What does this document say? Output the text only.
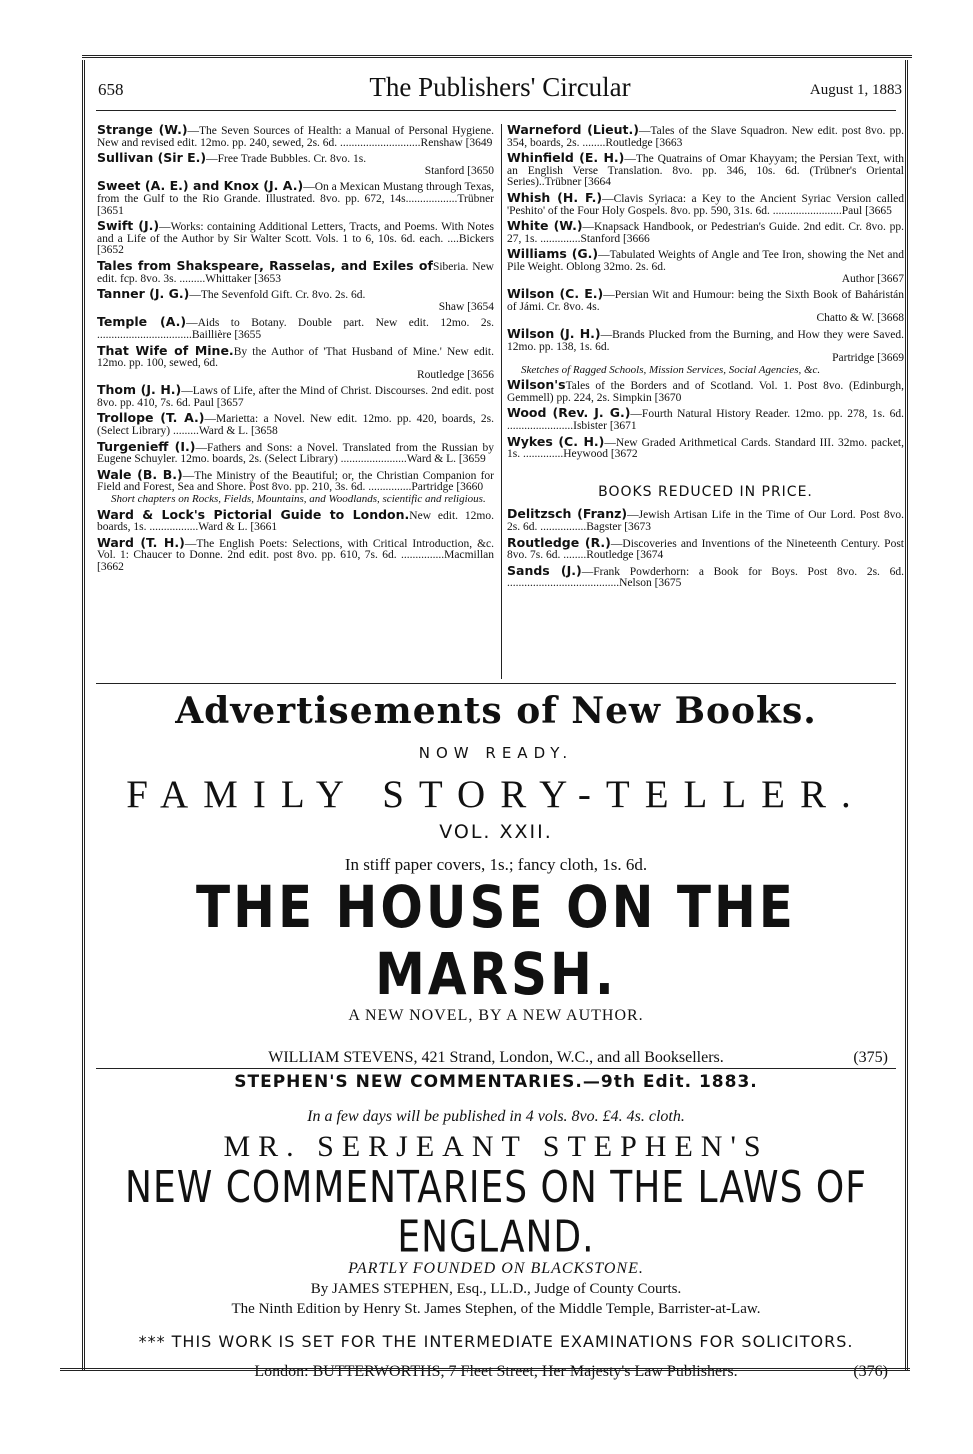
658	The Publishers' Circular	August 1, 1883
Strange (W.)—The Seven Sources of Health: a Manual of Personal Hygiene. New and revised edit. 12mo. pp. 240, sewed, 2s. 6d. ............................Renshaw [3649
Sullivan (Sir E.)—Free Trade Bubbles. Cr. 8vo. 1s.
Stanford [3650
Sweet (A. E.) and Knox (J. A.)—On a Mexican Mustang through Texas, from the Gulf to the Rio Grande. Illustrated. 8vo. pp. 672, 14s..................Trübner [3651
Swift (J.)—Works: containing Additional Letters, Tracts, and Poems. With Notes and a Life of the Author by Sir Walter Scott. Vols. 1 to 6, 10s. 6d. each. ....Bickers [3652
Tales from Shakspeare, Rasselas, and Exiles ofSiberia. New edit. fcp. 8vo. 3s. .........Whittaker [3653
Tanner (J. G.)—The Sevenfold Gift. Cr. 8vo. 2s. 6d.
Shaw [3654
Temple (A.)—Aids to Botany. Double part. New edit. 12mo. 2s. .................................Baillière [3655
That Wife of Mine.By the Author of 'That Husband of Mine.' New edit. 12mo. pp. 100, sewed, 6d.
Routledge [3656
Thom (J. H.)—Laws of Life, after the Mind of Christ. Discourses. 2nd edit. post 8vo. pp. 410, 7s. 6d. Paul [3657
Trollope (T. A.)—Marietta: a Novel. New edit. 12mo. pp. 420, boards, 2s. (Select Library) .........Ward & L. [3658
Turgenieff (I.)—Fathers and Sons: a Novel. Translated from the Russian by Eugene Schuyler. 12mo. boards, 2s. (Select Library) .......................Ward & L. [3659
Wale (B. B.)—The Ministry of the Beautiful; or, the Christian Companion for Field and Forest, Sea and Shore. Post 8vo. pp. 210, 3s. 6d. ...............Partridge [3660
Short chapters on Rocks, Fields, Mountains, and Woodlands, scientific and religious.
Ward & Lock's Pictorial Guide to London.New edit. 12mo. boards, 1s. .................Ward & L. [3661
Ward (T. H.)—The English Poets: Selections, with Critical Introduction, &c. Vol. 1: Chaucer to Donne. 2nd edit. post 8vo. pp. 610, 7s. 6d. ...............Macmillan [3662
Warneford (Lieut.)—Tales of the Slave Squadron. New edit. post 8vo. pp. 354, boards, 2s. ........Routledge [3663
Whinfield (E. H.)—The Quatrains of Omar Khayyam; the Persian Text, with an English Verse Translation. 8vo. pp. 346, 10s. 6d. (Trübner's Oriental Series)..Trübner [3664
Whish (H. F.)—Clavis Syriaca: a Key to the Ancient Syriac Version called 'Peshito' of the Four Holy Gospels. 8vo. pp. 590, 31s. 6d. ........................Paul [3665
White (W.)—Knapsack Handbook, or Pedestrian's Guide. 2nd edit. Cr. 8vo. pp. 27, 1s. ..............Stanford [3666
Williams (G.)—Tabulated Weights of Angle and Tee Iron, showing the Net and Pile Weight. Oblong 32mo. 2s. 6d.
Author [3667
Wilson (C. E.)—Persian Wit and Humour: being the Sixth Book of Baháristán of Jámi. Cr. 8vo. 4s.
Chatto & W. [3668
Wilson (J. H.)—Brands Plucked from the Burning, and How they were Saved. 12mo. pp. 138, 1s. 6d.
Partridge [3669
Sketches of Ragged Schools, Mission Services, Social Agencies, &c.
Wilson'sTales of the Borders and of Scotland. Vol. 1. Post 8vo. (Edinburgh, Gemmell) pp. 224, 2s. Simpkin [3670
Wood (Rev. J. G.)—Fourth Natural History Reader. 12mo. pp. 278, 1s. 6d. .......................Isbister [3671
Wykes (C. H.)—New Graded Arithmetical Cards. Standard III. 32mo. packet, 1s. ..............Heywood [3672
BOOKS REDUCED IN PRICE.
Delitzsch (Franz)—Jewish Artisan Life in the Time of Our Lord. Post 8vo. 2s. 6d. ................Bagster [3673
Routledge (R.)—Discoveries and Inventions of the Nineteenth Century. Post 8vo. 7s. 6d. ........Routledge [3674
Sands (J.)—Frank Powderhorn: a Book for Boys. Post 8vo. 2s. 6d. .......................................Nelson [3675
Advertisements of New Books.
NOW READY.
FAMILY STORY-TELLER.
VOL. XXII.
In stiff paper covers, 1s.; fancy cloth, 1s. 6d.
THE HOUSE ON THE MARSH.
A NEW NOVEL, BY A NEW AUTHOR.
WILLIAM STEVENS, 421 Strand, London, W.C., and all Booksellers.	(375)
STEPHEN'S NEW COMMENTARIES.—9th Edit. 1883.
In a few days will be published in 4 vols. 8vo. £4. 4s. cloth.
MR. SERJEANT STEPHEN'S
NEW COMMENTARIES ON THE LAWS OF ENGLAND.
PARTLY FOUNDED ON BLACKSTONE.
By JAMES STEPHEN, Esq., LL.D., Judge of County Courts.
The Ninth Edition by Henry St. James Stephen, of the Middle Temple, Barrister-at-Law.
*** THIS WORK IS SET FOR THE INTERMEDIATE EXAMINATIONS FOR SOLICITORS.
London: BUTTERWORTHS, 7 Fleet Street, Her Majesty's Law Publishers.	(376)
